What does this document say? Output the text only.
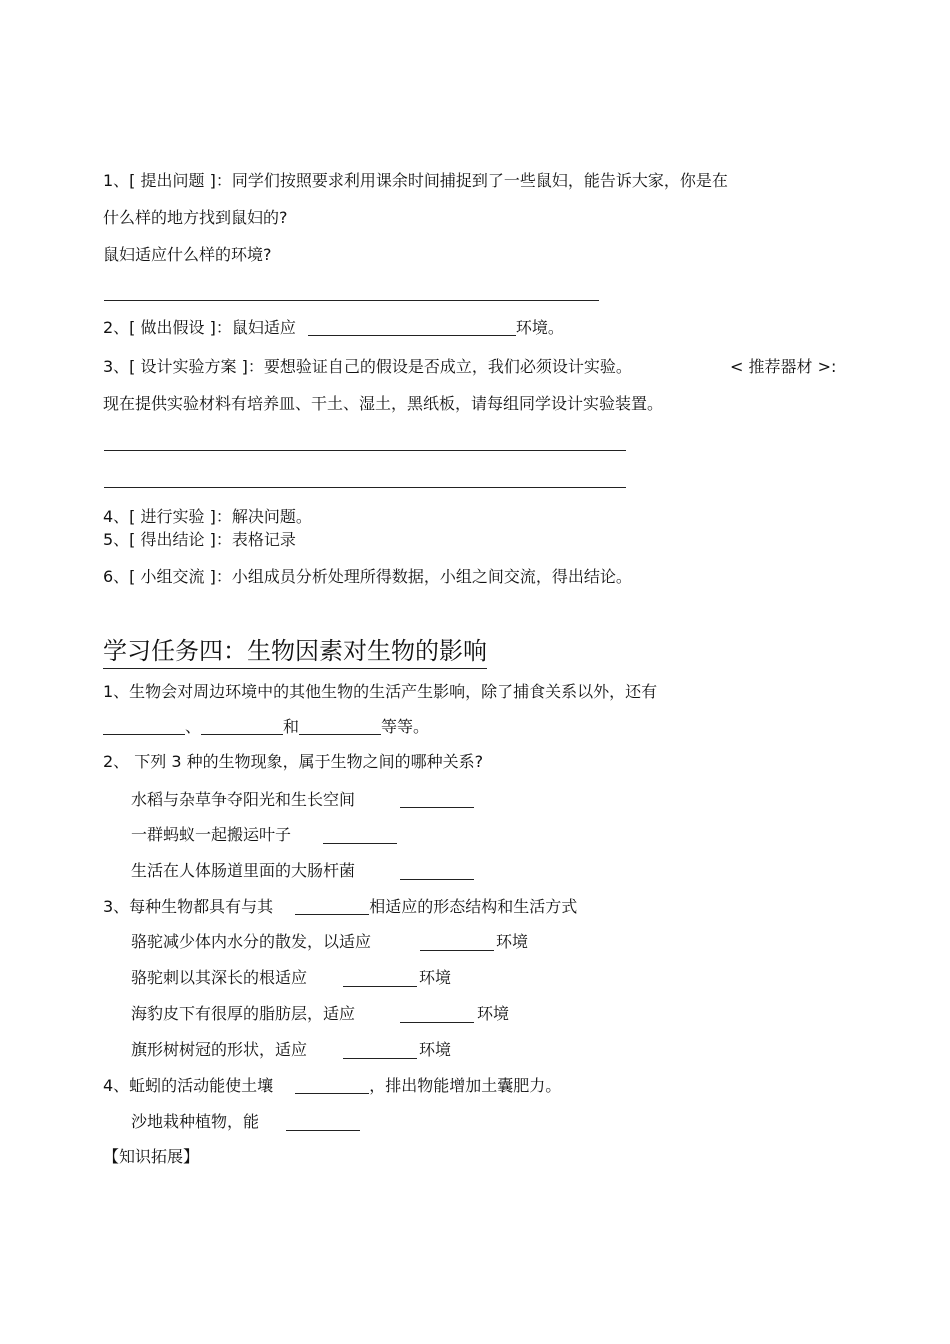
1、[ 提出问题 ]：同学们按照要求利用课余时间捕捉到了一些鼠妇，能告诉大家，你是在
什么样的地方找到鼠妇的?
鼠妇适应什么样的环境?
2、[ 做出假设 ]：鼠妇适应	环境。
3、[ 设计实验方案 ]：要想验证自己的假设是否成立，我们必须设计实验。	< 推荐器材 >:
现在提供实验材料有培养皿、干土、湿土，黑纸板，请每组同学设计实验装置。
4、[ 进行实验 ]：解决问题。
5、[ 得出结论 ]：表格记录
6、[ 小组交流 ]：小组成员分析处理所得数据，小组之间交流，得出结论。
学习任务四：生物因素对生物的影响
1、生物会对周边环境中的其他生物的生活产生影响，除了捕食关系以外，还有
、	和	等等。
2、 下列 3 种的生物现象，属于生物之间的哪种关系?
水稻与杂草争夺阳光和生长空间
一群蚂蚁一起搬运叶子
生活在人体肠道里面的大肠杆菌
3、每种生物都具有与其	相适应的形态结构和生活方式
骆驼减少体内水分的散发，以适应	环境
骆驼刺以其深长的根适应	环境
海豹皮下有很厚的脂肪层，适应	环境
旗形树树冠的形状，适应	环境
4、蚯蚓的活动能使土壤	，排出物能增加土囊肥力。
沙地栽种植物，能
【知识拓展】
